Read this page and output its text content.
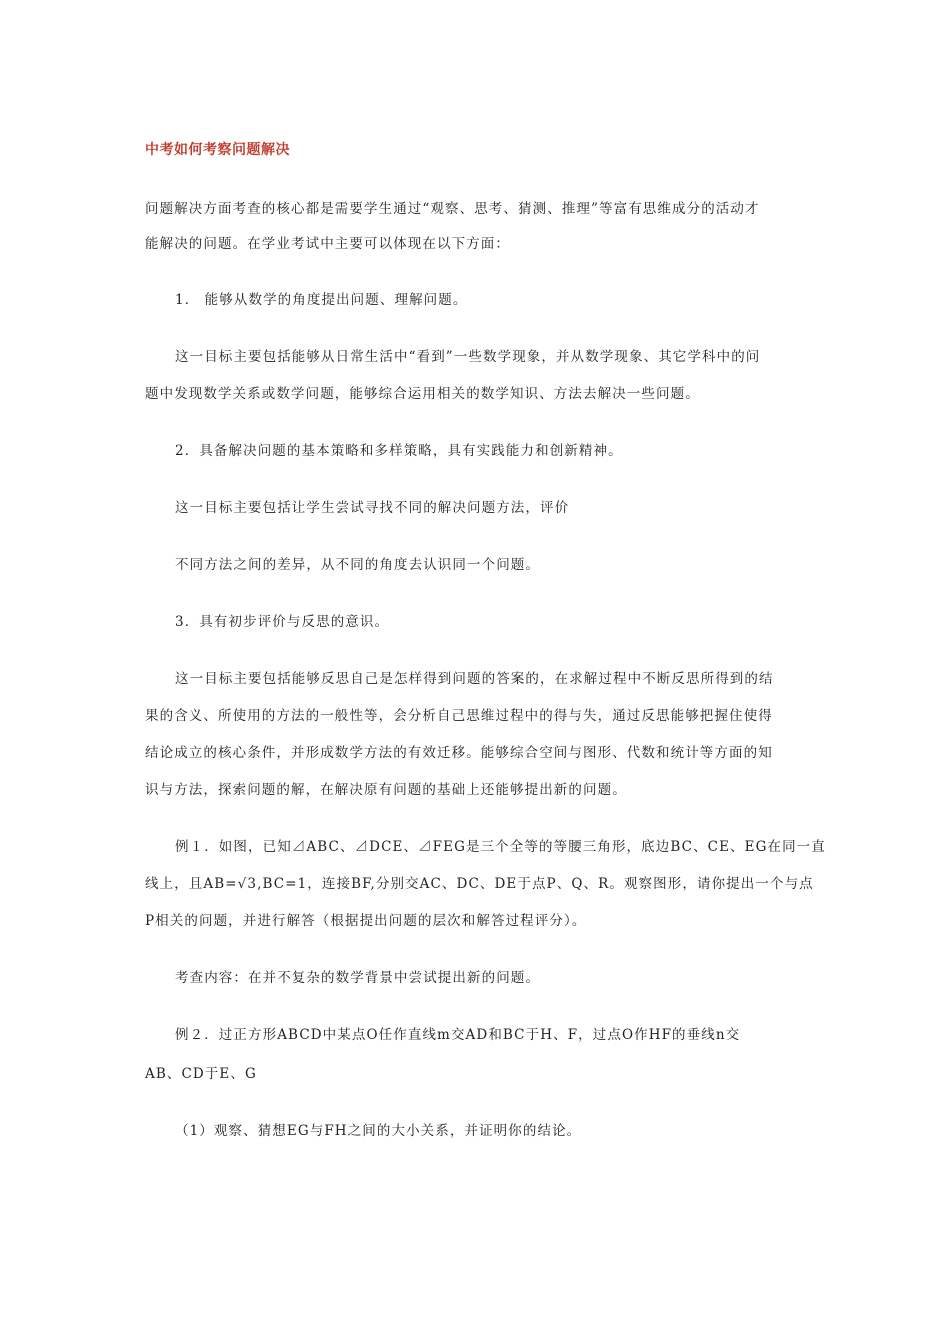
中考如何考察问题解决
问题解决方面考查的核心都是需要学生通过“观察、思考、猜测、推理”等富有思维成分的活动才
能解决的问题。在学业考试中主要可以体现在以下方面：
1． 能够从数学的角度提出问题、理解问题。
这一目标主要包括能够从日常生活中“看到”一些数学现象，并从数学现象、其它学科中的问
题中发现数学关系或数学问题，能够综合运用相关的数学知识、方法去解决一些问题。
2．具备解决问题的基本策略和多样策略，具有实践能力和创新精神。
这一目标主要包括让学生尝试寻找不同的解决问题方法，评价
不同方法之间的差异，从不同的角度去认识同一个问题。
3．具有初步评价与反思的意识。
这一目标主要包括能够反思自己是怎样得到问题的答案的，在求解过程中不断反思所得到的结
果的含义、所使用的方法的一般性等，会分析自己思维过程中的得与失，通过反思能够把握住使得
结论成立的核心条件，并形成数学方法的有效迁移。能够综合空间与图形、代数和统计等方面的知
识与方法，探索问题的解，在解决原有问题的基础上还能够提出新的问题。
例１．如图，已知⊿ABC、⊿DCE、⊿FEG是三个全等的等腰三角形，底边BC、CE、EG在同一直
线上，且AB=√3,BC=1，连接BF,分别交AC、DC、DE于点P、Q、R。观察图形，请你提出一个与点
P相关的问题，并进行解答（根据提出问题的层次和解答过程评分）。
考查内容：在并不复杂的数学背景中尝试提出新的问题。
例２．过正方形ABCD中某点O任作直线m交AD和BC于H、F，过点O作HF的垂线n交
AB、CD于E、G
（1）观察、猜想EG与FH之间的大小关系，并证明你的结论。
